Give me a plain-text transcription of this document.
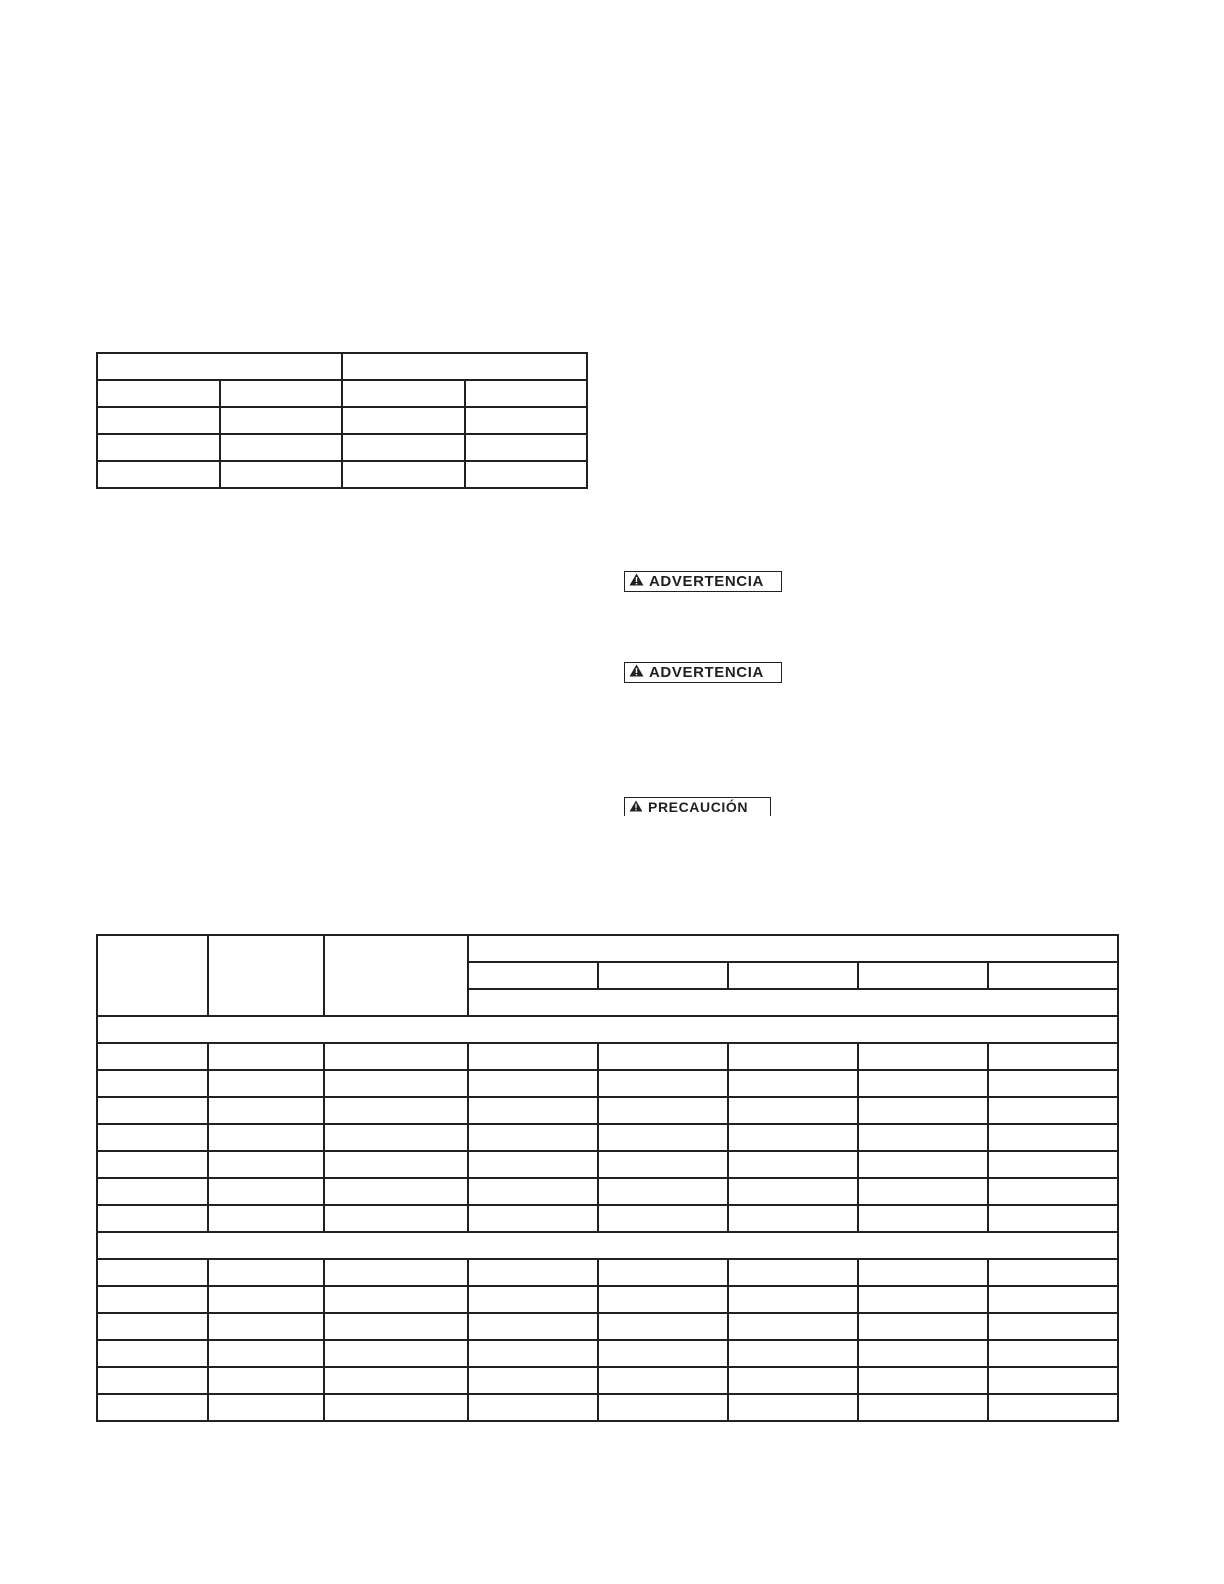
ADVERTENCIA
ADVERTENCIA
PRECAUCIÓN
